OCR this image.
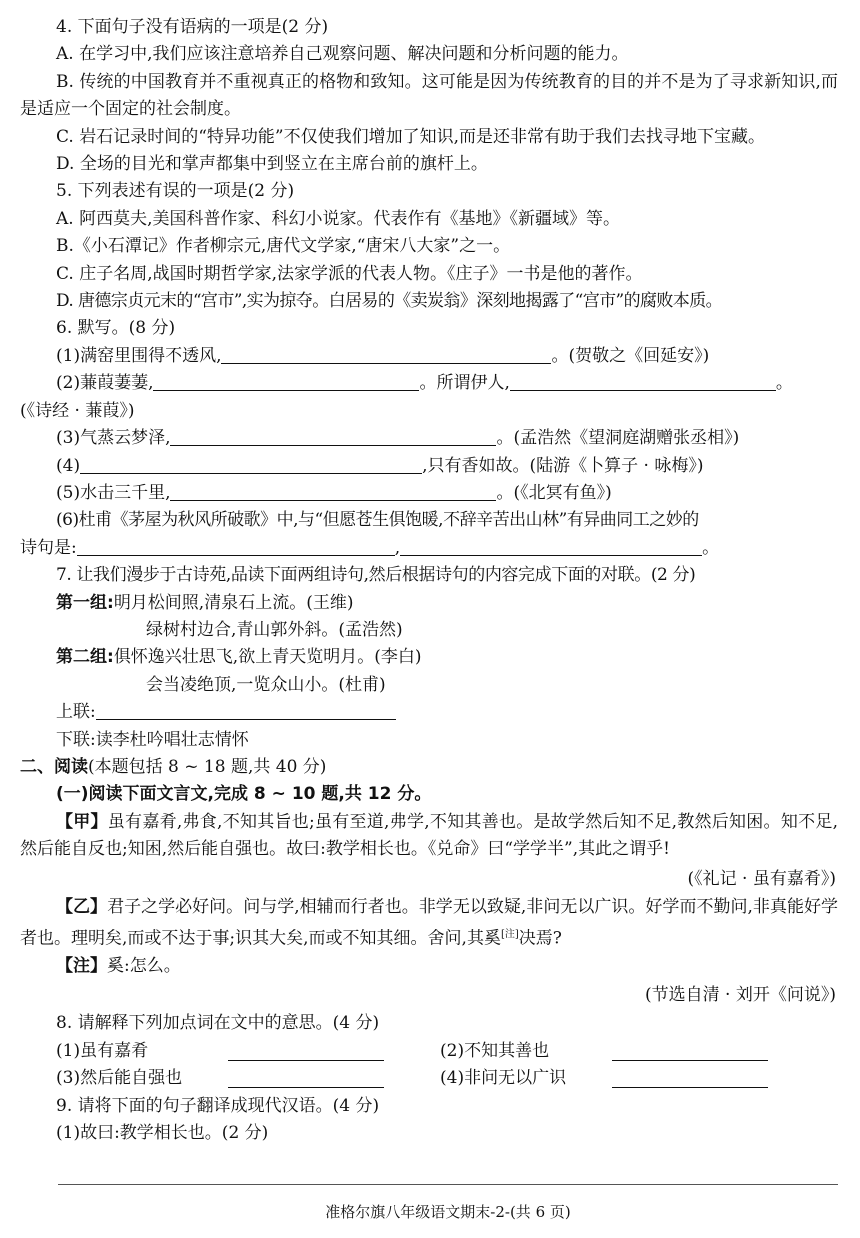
4. 下面句子没有语病的一项是(2 分)
A. 在学习中,我们应该注意培养自己观察问题、解决问题和分析问题的能力。
B. 传统的中国教育并不重视真正的格物和致知。这可能是因为传统教育的目的并不是为了寻求新知识,而是适应一个固定的社会制度。
C. 岩石记录时间的“特异功能”不仅使我们增加了知识,而是还非常有助于我们去找寻地下宝藏。
D. 全场的目光和掌声都集中到竖立在主席台前的旗杆上。
5. 下列表述有误的一项是(2 分)
A. 阿西莫夫,美国科普作家、科幻小说家。代表作有《基地》《新疆域》等。
B.《小石潭记》作者柳宗元,唐代文学家,“唐宋八大家”之一。
C. 庄子名周,战国时期哲学家,法家学派的代表人物。《庄子》一书是他的著作。
D. 唐德宗贞元末的“宫市”,实为掠夺。白居易的《卖炭翁》深刻地揭露了“宫市”的腐败本质。
6. 默写。(8 分)
(1)满窑里围得不透风,	。(贺敬之《回延安》)
(2)蒹葭萋萋,	。所谓伊人,	。
(《诗经 · 蒹葭》)
(3)气蒸云梦泽,	。(孟浩然《望洞庭湖赠张丞相》)
(4)	,只有香如故。(陆游《卜算子 · 咏梅》)
(5)水击三千里,	。(《北冥有鱼》)
(6)杜甫《茅屋为秋风所破歌》中,与“但愿苍生俱饱暖,不辞辛苦出山林”有异曲同工之妙的
诗句是:	,	。
7. 让我们漫步于古诗苑,品读下面两组诗句,然后根据诗句的内容完成下面的对联。(2 分)
第一组:明月松间照,清泉石上流。(王维)
绿树村边合,青山郭外斜。(孟浩然)
第二组:俱怀逸兴壮思飞,欲上青天览明月。(李白)
会当凌绝顶,一览众山小。(杜甫)
上联:
下联:读李杜吟唱壮志情怀
二、阅读(本题包括 8 ~ 18 题,共 40 分)
(一)阅读下面文言文,完成 8 ~ 10 题,共 12 分。
【甲】虽有嘉肴,弗食,不知其旨也;虽有至道,弗学,不知其善也。是故学然后知不足,教然后知困。知不足,然后能自反也;知困,然后能自强也。故曰:教学相长也。《兑命》曰“学学半”,其此之谓乎!
(《礼记 · 虽有嘉肴》)
【乙】君子之学必好问。问与学,相辅而行者也。非学无以致疑,非问无以广识。好学而不勤问,非真能好学者也。理明矣,而或不达于事;识其大矣,而或不知其细。舍问,其奚[注]决焉?
【注】奚:怎么。
(节选自清 · 刘开《问说》)
8. 请解释下列加点词在文中的意思。(4 分)
(1)虽有嘉肴	(2)不知其善也
(3)然后能自强也	(4)非问无以广识
9. 请将下面的句子翻译成现代汉语。(4 分)
(1)故曰:教学相长也。(2 分)
准格尔旗八年级语文期末-2-(共 6 页)
